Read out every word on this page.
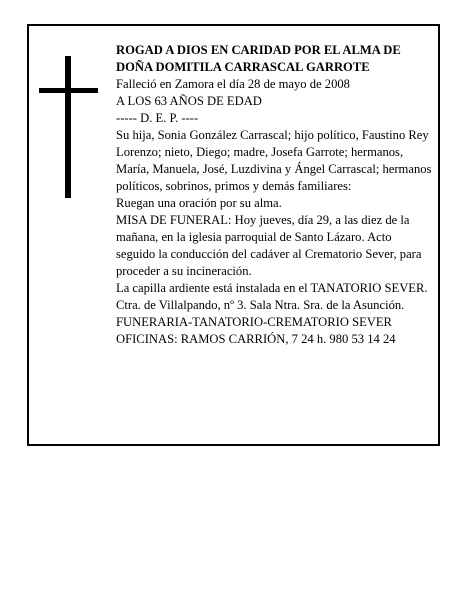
ROGAD A DIOS EN CARIDAD POR EL ALMA DE

DOÑA DOMITILA CARRASCAL GARROTE

Falleció en Zamora el día 28 de mayo de 2008

A LOS 63 AÑOS DE EDAD

----- D. E. P. ----

Su hija, Sonia González Carrascal; hijo político, Faustino Rey Lorenzo; nieto, Diego; madre, Josefa Garrote; hermanos, María, Manuela, José, Luzdivina y Ángel Carrascal; hermanos políticos, sobrinos, primos y demás familiares:

Ruegan una oración por su alma.

MISA DE FUNERAL: Hoy jueves, día 29, a las diez de la mañana, en la iglesia parroquial de Santo Lázaro. Acto seguido la conducción del cadáver al Crematorio Sever, para proceder a su incineración.

La capilla ardiente está instalada en el TANATORIO SEVER. Ctra. de Villalpando, nº 3. Sala Ntra. Sra. de la Asunción.

FUNERARIA-TANATORIO-CREMATORIO SEVER

OFICINAS: RAMOS CARRIÓN, 7 24 h. 980 53 14 24
